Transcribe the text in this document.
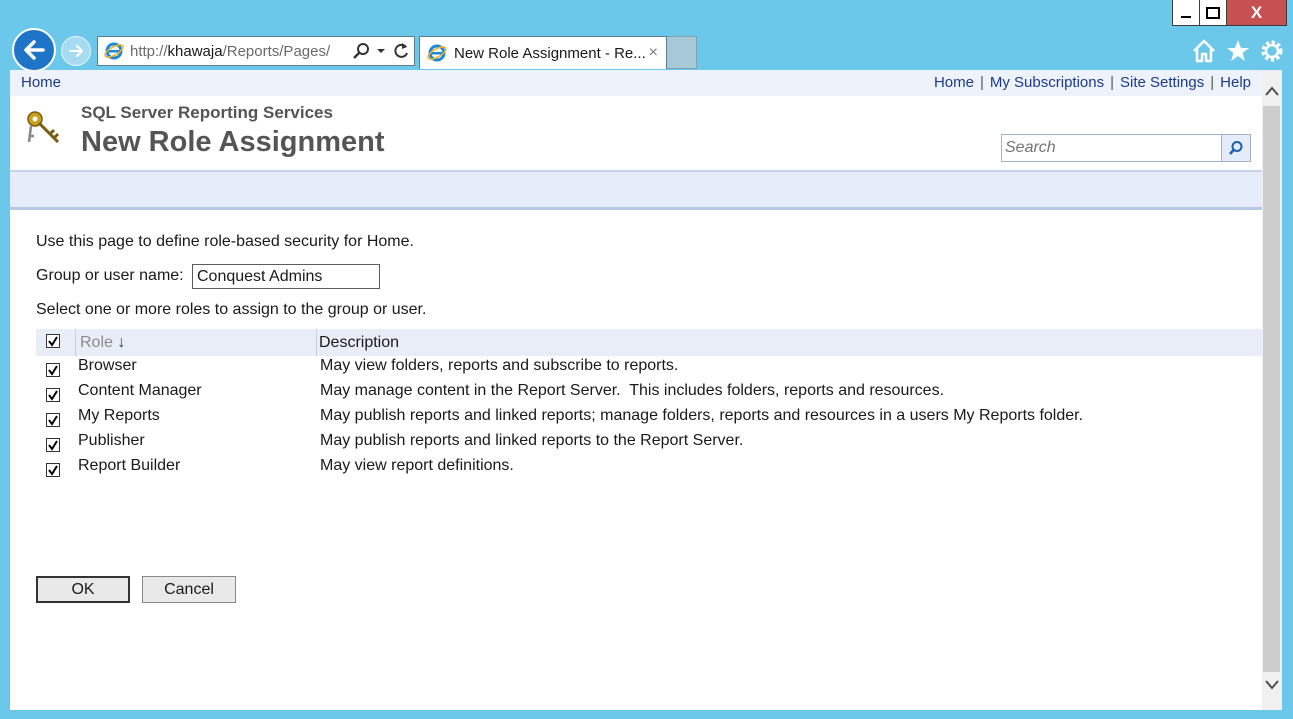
X
http://khawaja/Reports/Pages/	New Role Assignment - Re... ×
Home	Home | My Subscriptions | Site Settings | Help
SQL Server Reporting Services
New Role Assignment
Search
Use this page to define role-based security for Home.
Group or user name:
Conquest Admins
Select one or more roles to assign to the group or user.
Role ↓	Description
Browser	May view folders, reports and subscribe to reports.
Content Manager	May manage content in the Report Server.  This includes folders, reports and resources.
My Reports	May publish reports and linked reports; manage folders, reports and resources in a users My Reports folder.
Publisher	May publish reports and linked reports to the Report Server.
Report Builder	May view report definitions.
OK	Cancel
